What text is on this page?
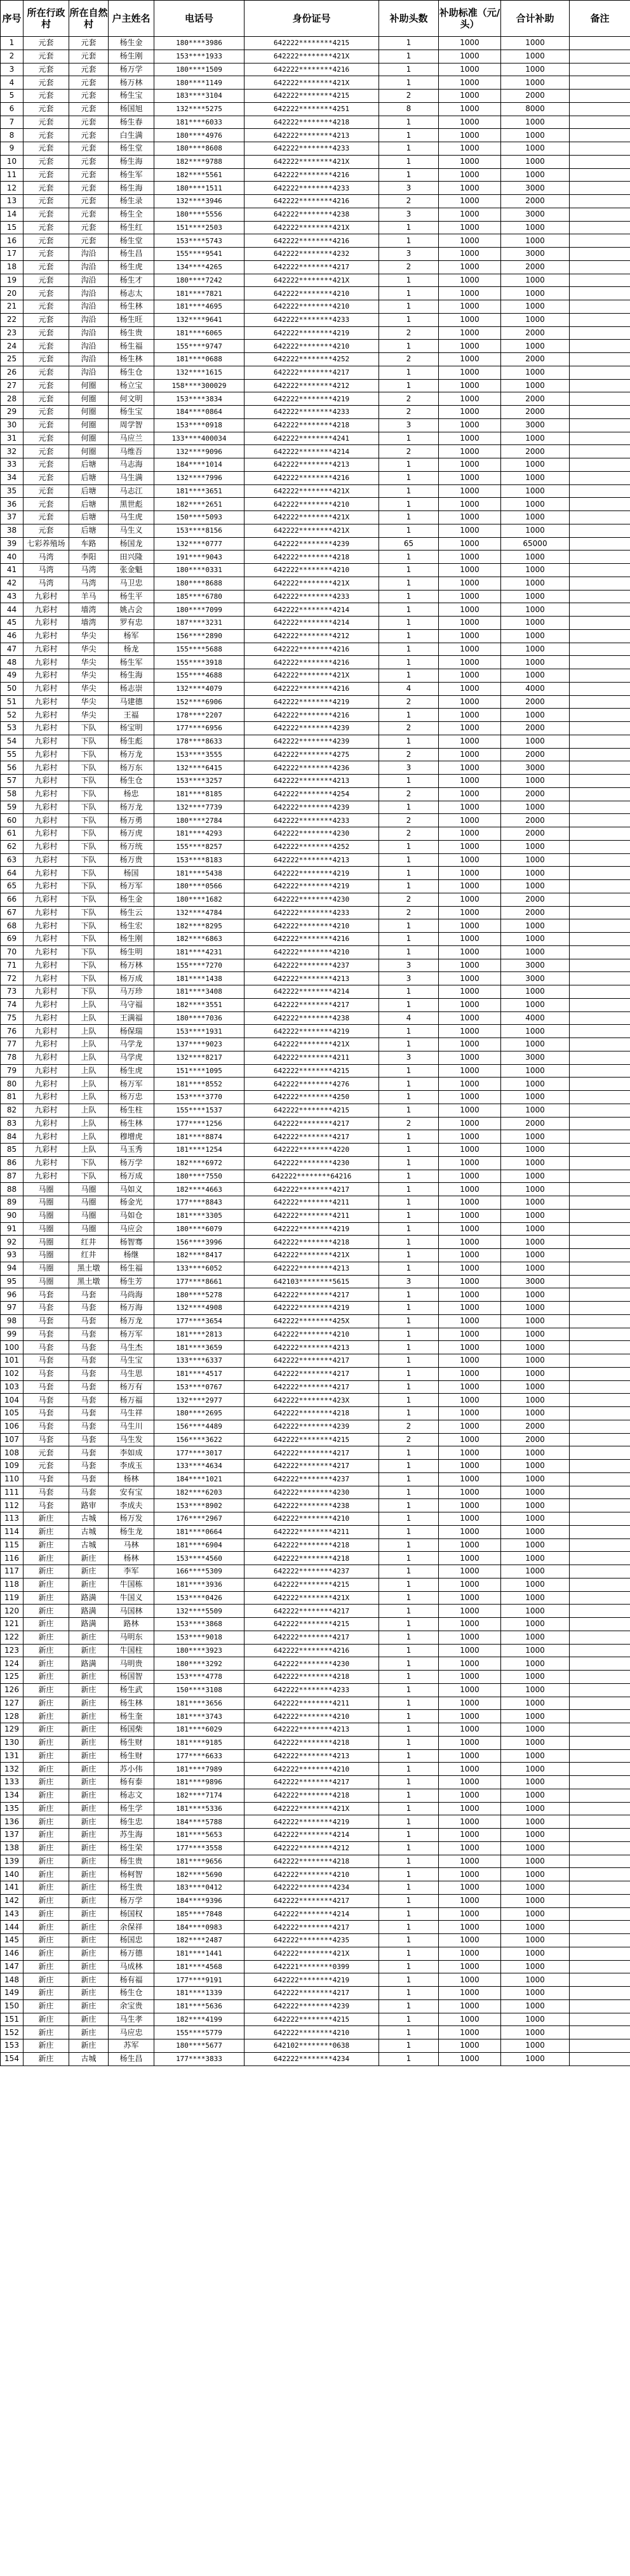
序号	所在行政村	所在自然村	户主姓名	电话号	身份证号	补助头数	补助标准（元/头）	合计补助	备注
1	元套	元套	杨生金	180****3986	642222********4215	1	1000	1000	
2	元套	元套	杨生刚	153****1933	642222********421X	1	1000	1000	
3	元套	元套	杨万学	180****1509	642222********4216	1	1000	1000	
4	元套	元套	杨万林	180****1149	642222********421X	1	1000	1000	
5	元套	元套	杨生宝	183****3104	642222********4215	2	1000	2000	
6	元套	元套	杨国旭	132****5275	642222********4251	8	1000	8000	
7	元套	元套	杨生春	181****6033	642222********4218	1	1000	1000	
8	元套	元套	白生满	180****4976	642222********4213	1	1000	1000	
9	元套	元套	杨生堂	180****8608	642222********4233	1	1000	1000	
10	元套	元套	杨生海	182****9788	642222********421X	1	1000	1000	
11	元套	元套	杨生军	182****5561	642222********4216	1	1000	1000	
12	元套	元套	杨生海	180****1511	642222********4233	3	1000	3000	
13	元套	元套	杨生录	132****3946	642222********4216	2	1000	2000	
14	元套	元套	杨生全	180****5556	642222********4238	3	1000	3000	
15	元套	元套	杨生红	151****2503	642222********421X	1	1000	1000	
16	元套	元套	杨生堂	153****5743	642222********4216	1	1000	1000	
17	元套	沟沿	杨生昌	155****9541	642222********4232	3	1000	3000	
18	元套	沟沿	杨生虎	134****4265	642222********4217	2	1000	2000	
19	元套	沟沿	杨生才	180****7242	642222********421X	1	1000	1000	
20	元套	沟沿	杨志太	181****7821	642222********4210	1	1000	1000	
21	元套	沟沿	杨生林	181****4695	642222********4210	1	1000	1000	
22	元套	沟沿	杨生旺	132****9641	642222********4233	1	1000	1000	
23	元套	沟沿	杨生贵	181****6065	642222********4219	2	1000	2000	
24	元套	沟沿	杨生福	155****9747	642222********4210	1	1000	1000	
25	元套	沟沿	杨生林	181****0688	642222********4252	2	1000	2000	
26	元套	沟沿	杨生仓	132****1615	642222********4217	1	1000	1000	
27	元套	何圈	杨立宝	158****300029	642222********4212	1	1000	1000	
28	元套	何圈	何文明	153****3834	642222********4219	2	1000	2000	
29	元套	何圈	杨生宝	184****0864	642222********4233	2	1000	2000	
30	元套	何圈	周学智	153****0918	642222********4218	3	1000	3000	
31	元套	何圈	马应兰	133****400034	642222********4241	1	1000	1000	
32	元套	何圈	马维吾	132****9096	642222********4214	2	1000	2000	
33	元套	后塘	马志海	184****1014	642222********4213	1	1000	1000	
34	元套	后塘	马生满	132****7996	642222********4216	1	1000	1000	
35	元套	后塘	马志江	181****3651	642222********421X	1	1000	1000	
36	元套	后塘	黑世彪	182****2651	642222********4210	1	1000	1000	
37	元套	后塘	马生虎	150****5093	642222********421X	1	1000	1000	
38	元套	后塘	马生义	153****8156	642222********421X	1	1000	1000	
39	七彩养殖场	车路	杨国龙	132****0777	642222********4239	65	1000	65000	
40	马湾	李阳	田兴隆	191****9043	642222********4218	1	1000	1000	
41	马湾	马湾	张金魁	180****0331	642222********4210	1	1000	1000	
42	马湾	马湾	马卫忠	180****8688	642222********421X	1	1000	1000	
43	九彩村	羊马	杨生平	185****6780	642222********4233	1	1000	1000	
44	九彩村	墙湾	姚占会	180****7099	642222********4214	1	1000	1000	
45	九彩村	墙湾	罗有忠	187****3231	642222********4214	1	1000	1000	
46	九彩村	华尖	杨军	156****2890	642222********4212	1	1000	1000	
47	九彩村	华尖	杨龙	155****5688	642222********4216	1	1000	1000	
48	九彩村	华尖	杨生军	155****3918	642222********4216	1	1000	1000	
49	九彩村	华尖	杨生海	155****4688	642222********421X	1	1000	1000	
50	九彩村	华尖	杨志崇	132****4079	642222********4216	4	1000	4000	
51	九彩村	华尖	马建德	152****6906	642222********4219	2	1000	2000	
52	九彩村	华尖	王福	178****2207	642222********4216	1	1000	1000	
53	九彩村	下队	杨宝明	177****6956	642222********4239	2	1000	2000	
54	九彩村	下队	杨生彪	178****8633	642222********4239	1	1000	1000	
55	九彩村	下队	杨万龙	153****3555	642222********4275	2	1000	2000	
56	九彩村	下队	杨万东	132****6415	642222********4236	3	1000	3000	
57	九彩村	下队	杨生仓	153****3257	642222********4213	1	1000	1000	
58	九彩村	下队	杨忠	181****8185	642222********4254	2	1000	2000	
59	九彩村	下队	杨万龙	132****7739	642222********4239	1	1000	1000	
60	九彩村	下队	杨万勇	180****2784	642222********4233	2	1000	2000	
61	九彩村	下队	杨万虎	181****4293	642222********4230	2	1000	2000	
62	九彩村	下队	杨万统	155****8257	642222********4252	1	1000	1000	
63	九彩村	下队	杨万贵	153****8183	642222********4213	1	1000	1000	
64	九彩村	下队	杨国	181****5438	642222********4219	1	1000	1000	
65	九彩村	下队	杨万军	180****0566	642222********4219	1	1000	1000	
66	九彩村	下队	杨生金	180****1682	642222********4230	2	1000	2000	
67	九彩村	下队	杨生云	132****4784	642222********4233	2	1000	2000	
68	九彩村	下队	杨生宏	182****8295	642222********4210	1	1000	1000	
69	九彩村	下队	杨生刚	182****6863	642222********4216	1	1000	1000	
70	九彩村	下队	杨生明	181****4231	642222********4210	1	1000	1000	
71	九彩村	下队	杨万林	155****7270	642222********4237	3	1000	3000	
72	九彩村	下队	杨万成	181****1438	642222********4213	3	1000	3000	
73	九彩村	下队	马万珍	181****3408	642222********4214	1	1000	1000	
74	九彩村	上队	马守福	182****3551	642222********4217	1	1000	1000	
75	九彩村	上队	王满福	180****7036	642222********4238	4	1000	4000	
76	九彩村	上队	杨保瑞	153****1931	642222********4219	1	1000	1000	
77	九彩村	上队	马学龙	137****9023	642222********421X	1	1000	1000	
78	九彩村	上队	马学虎	132****8217	642222********4211	3	1000	3000	
79	九彩村	上队	杨生虎	151****1095	642222********4215	1	1000	1000	
80	九彩村	上队	杨万军	181****8552	642222********4276	1	1000	1000	
81	九彩村	上队	杨万忠	153****3770	642222********4250	1	1000	1000	
82	九彩村	上队	杨生柱	155****1537	642222********4215	1	1000	1000	
83	九彩村	上队	杨生林	177****1256	642222********4217	2	1000	2000	
84	九彩村	上队	穆增虎	181****8874	642222********4217	1	1000	1000	
85	九彩村	上队	马玉秀	181****1254	642222********4220	1	1000	1000	
86	九彩村	下队	杨万学	182****6972	642222********4230	1	1000	1000	
87	九彩村	下队	杨万成	180****7550	642222********64216	1	1000	1000	
88	马圈	马圈	马如义	182****4663	642222********4217	1	1000	1000	
89	马圈	马圈	杨金光	177****8843	642222********4211	1	1000	1000	
90	马圈	马圈	马如仓	181****3305	642222********4211	1	1000	1000	
91	马圈	马圈	马应会	180****6079	642222********4219	1	1000	1000	
92	马圈	红井	杨智骞	156****3996	642222********4218	1	1000	1000	
93	马圈	红井	杨继	182****8417	642222********421X	1	1000	1000	
94	马圈	黑土墩	杨生福	133****6052	642222********4213	1	1000	1000	
95	马圈	黑土墩	杨生芳	177****8661	642103********5615	3	1000	3000	
96	马套	马套	马尚海	180****5278	642222********4217	1	1000	1000	
97	马套	马套	杨万海	132****4908	642222********4219	1	1000	1000	
98	马套	马套	杨万龙	177****3654	642222********425X	1	1000	1000	
99	马套	马套	杨万军	181****2813	642222********4210	1	1000	1000	
100	马套	马套	马生杰	181****3659	642222********4213	1	1000	1000	
101	马套	马套	马生宝	133****6337	642222********4217	1	1000	1000	
102	马套	马套	马生思	181****4517	642222********4217	1	1000	1000	
103	马套	马套	杨万有	153****0767	642222********4217	1	1000	1000	
104	马套	马套	杨万福	132****2977	642222********423X	1	1000	1000	
105	马套	马套	马生祥	180****2695	642222********4218	1	1000	1000	
106	马套	马套	马生川	156****4489	642222********4239	2	1000	2000	
107	马套	马套	马生发	156****3622	642222********4215	2	1000	2000	
108	元套	马套	李如成	177****3017	642222********4217	1	1000	1000	
109	元套	马套	李成玉	133****4634	642222********4217	1	1000	1000	
110	马套	马套	杨林	184****1021	642222********4237	1	1000	1000	
111	马套	马套	安有宝	182****6203	642222********4230	1	1000	1000	
112	马套	路审	李成夫	153****8902	642222********4238	1	1000	1000	
113	新庄	古城	杨万发	176****2967	642222********4210	1	1000	1000	
114	新庄	古城	杨生龙	181****0664	642222********4211	1	1000	1000	
115	新庄	古城	马林	181****6904	642222********4218	1	1000	1000	
116	新庄	新庄	杨林	153****4560	642222********4218	1	1000	1000	
117	新庄	新庄	李军	166****5309	642222********4237	1	1000	1000	
118	新庄	新庄	牛国栋	181****3936	642222********4215	1	1000	1000	
119	新庄	路满	牛国义	153****0426	642222********421X	1	1000	1000	
120	新庄	路满	马国林	132****5509	642222********4217	1	1000	1000	
121	新庄	路满	路林	153****3868	642222********4215	1	1000	1000	
122	新庄	新庄	马明东	153****9018	642222********4217	1	1000	1000	
123	新庄	新庄	牛国柱	180****3923	642222********4216	1	1000	1000	
124	新庄	路满	马明贵	180****3292	642222********4230	1	1000	1000	
125	新庄	新庄	杨国智	153****4778	642222********4218	1	1000	1000	
126	新庄	新庄	杨生武	150****3108	642222********4233	1	1000	1000	
127	新庄	新庄	杨生林	181****3656	642222********4211	1	1000	1000	
128	新庄	新庄	杨生奎	181****3743	642222********4210	1	1000	1000	
129	新庄	新庄	杨国柴	181****6029	642222********4213	1	1000	1000	
130	新庄	新庄	杨生财	181****9185	642222********4218	1	1000	1000	
131	新庄	新庄	杨生财	177****6633	642222********4213	1	1000	1000	
132	新庄	新庄	苏小伟	181****7989	642222********4210	1	1000	1000	
133	新庄	新庄	杨有泰	181****9896	642222********4217	1	1000	1000	
134	新庄	新庄	杨志文	182****7174	642222********4218	1	1000	1000	
135	新庄	新庄	杨生学	181****5336	642222********421X	1	1000	1000	
136	新庄	新庄	杨生忠	184****5788	642222********4219	1	1000	1000	
137	新庄	新庄	苏生海	181****5653	642222********4214	1	1000	1000	
138	新庄	新庄	杨生荣	177****3558	642222********4212	1	1000	1000	
139	新庄	新庄	杨生贵	181****9656	642222********4218	1	1000	1000	
140	新庄	新庄	杨柯智	182****5690	642222********4210	1	1000	1000	
141	新庄	新庄	杨生贵	183****0412	642222********4234	1	1000	1000	
142	新庄	新庄	杨万学	184****9396	642222********4217	1	1000	1000	
143	新庄	新庄	杨国权	185****7848	642222********4214	1	1000	1000	
144	新庄	新庄	余保祥	184****0983	642222********4217	1	1000	1000	
145	新庄	新庄	杨国忠	182****2487	642222********4235	1	1000	1000	
146	新庄	新庄	杨万德	181****1441	642222********421X	1	1000	1000	
147	新庄	新庄	马成林	181****4568	642221********0399	1	1000	1000	
148	新庄	新庄	杨有福	177****9191	642222********4219	1	1000	1000	
149	新庄	新庄	杨生仓	181****1339	642222********4217	1	1000	1000	
150	新庄	新庄	余宝贵	181****5636	642222********4239	1	1000	1000	
151	新庄	新庄	马生孝	182****4199	642222********4215	1	1000	1000	
152	新庄	新庄	马应忠	155****5779	642222********4210	1	1000	1000	
153	新庄	新庄	苏军	180****5677	642102********0638	1	1000	1000	
154	新庄	古城	杨生昌	177****3833	642222********4234	1	1000	1000	
